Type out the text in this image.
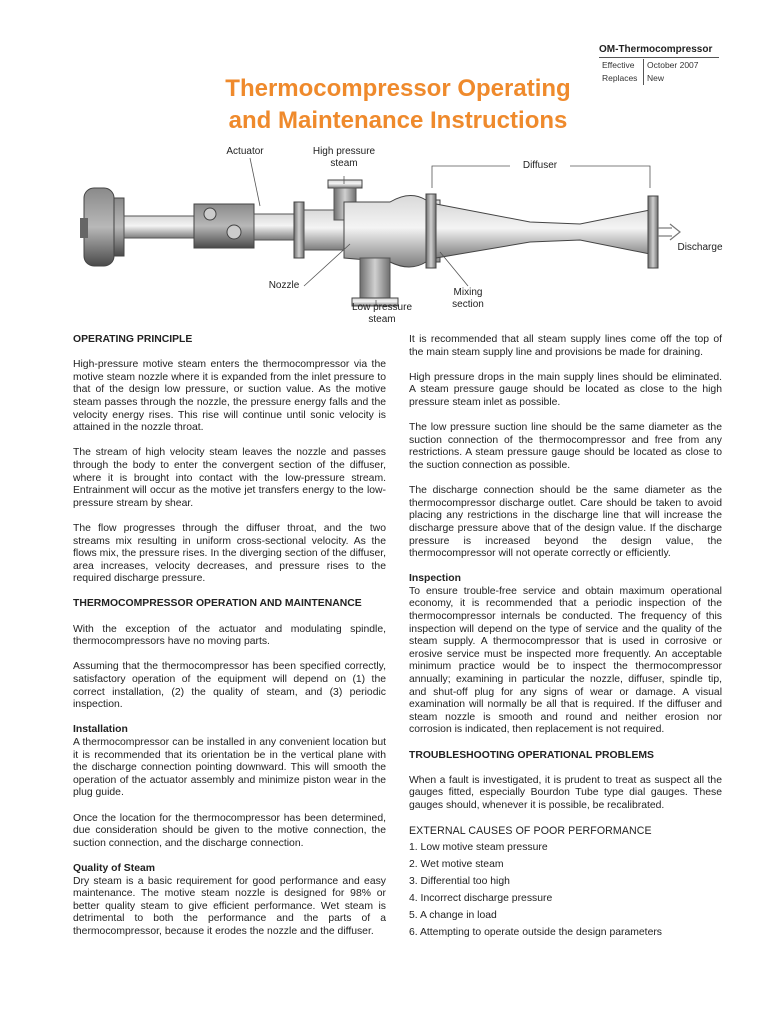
OM-Thermocompressor
Effective	October 2007
Replaces	New
Thermocompressor Operating
and Maintenance Instructions
Actuator	High pressure
steam	Diffuser
Discharge
Nozzle
Mixing
section
Low pressure
steam

OPERATING PRINCIPLE

High-pressure motive steam enters the thermocompressor via the motive steam nozzle where it is expanded from the inlet pressure to that of the design low pressure, or suction value. As the motive steam passes through the nozzle, the pressure energy falls and the velocity energy rises. This rise will continue until sonic velocity is attained in the nozzle throat.

The stream of high velocity steam leaves the nozzle and passes through the body to enter the convergent section of the diffuser, where it is brought into contact with the low-pressure stream. Entrainment will occur as the motive jet transfers energy to the low-pressure stream by shear.

The flow progresses through the diffuser throat, and the two streams mix resulting in uniform cross-sectional velocity. As the flows mix, the pressure rises. In the diverging section of the diffuser, area increases, velocity decreases, and pressure rises to the required discharge pressure.

THERMOCOMPRESSOR OPERATION AND MAINTENANCE

With the exception of the actuator and modulating spindle, thermocompressors have no moving parts.

Assuming that the thermocompressor has been specified correctly, satisfactory operation of the equipment will depend on (1) the correct installation, (2) the quality of steam, and (3) periodic inspection.

Installation

A thermocompressor can be installed in any convenient location but it is recommended that its orientation be in the vertical plane with the discharge connection pointing downward. This will smooth the operation of the actuator assembly and minimize piston wear in the plug guide.

Once the location for the thermocompressor has been determined, due consideration should be given to the motive connection, the suction connection, and the discharge connection.

Quality of Steam

Dry steam is a basic requirement for good performance and easy maintenance. The motive steam nozzle is designed for 98% or better quality steam to give efficient performance. Wet steam is detrimental to both the performance and the parts of a thermocompressor, because it erodes the nozzle and the diffuser.

It is recommended that all steam supply lines come off the top of the main steam supply line and provisions be made for draining.

High pressure drops in the main supply lines should be eliminated. A steam pressure gauge should be located as close to the high pressure steam inlet as possible.

The low pressure suction line should be the same diameter as the suction connection of the thermocompressor and free from any restrictions. A steam pressure gauge should be located as close to the suction connection as possible.

The discharge connection should be the same diameter as the thermocompressor discharge outlet. Care should be taken to avoid placing any restrictions in the discharge line that will increase the discharge pressure above that of the design value. If the discharge pressure is increased beyond the design value, the thermocompressor will not operate correctly or efficiently.

Inspection

To ensure trouble-free service and obtain maximum operational economy, it is recommended that a periodic inspection of the thermocompressor internals be conducted. The frequency of this inspection will depend on the type of service and the quality of the steam supply. A thermocompressor that is used in corrosive or erosive service must be inspected more frequently. An acceptable minimum practice would be to inspect the thermocompressor annually; examining in particular the nozzle, diffuser, spindle tip, and shut-off plug for any signs of wear or damage. A visual examination will normally be all that is required. If the diffuser and steam nozzle is smooth and round and neither erosion nor corrosion is indicated, then replacement is not required.

TROUBLESHOOTING OPERATIONAL PROBLEMS

When a fault is investigated, it is prudent to treat as suspect all the gauges fitted, especially Bourdon Tube type dial gauges. These gauges should, whenever it is possible, be recalibrated.

EXTERNAL CAUSES OF POOR PERFORMANCE

1. Low motive steam pressure
2. Wet motive steam
3. Differential too high
4. Incorrect discharge pressure
5. A change in load
6. Attempting to operate outside the design parameters
